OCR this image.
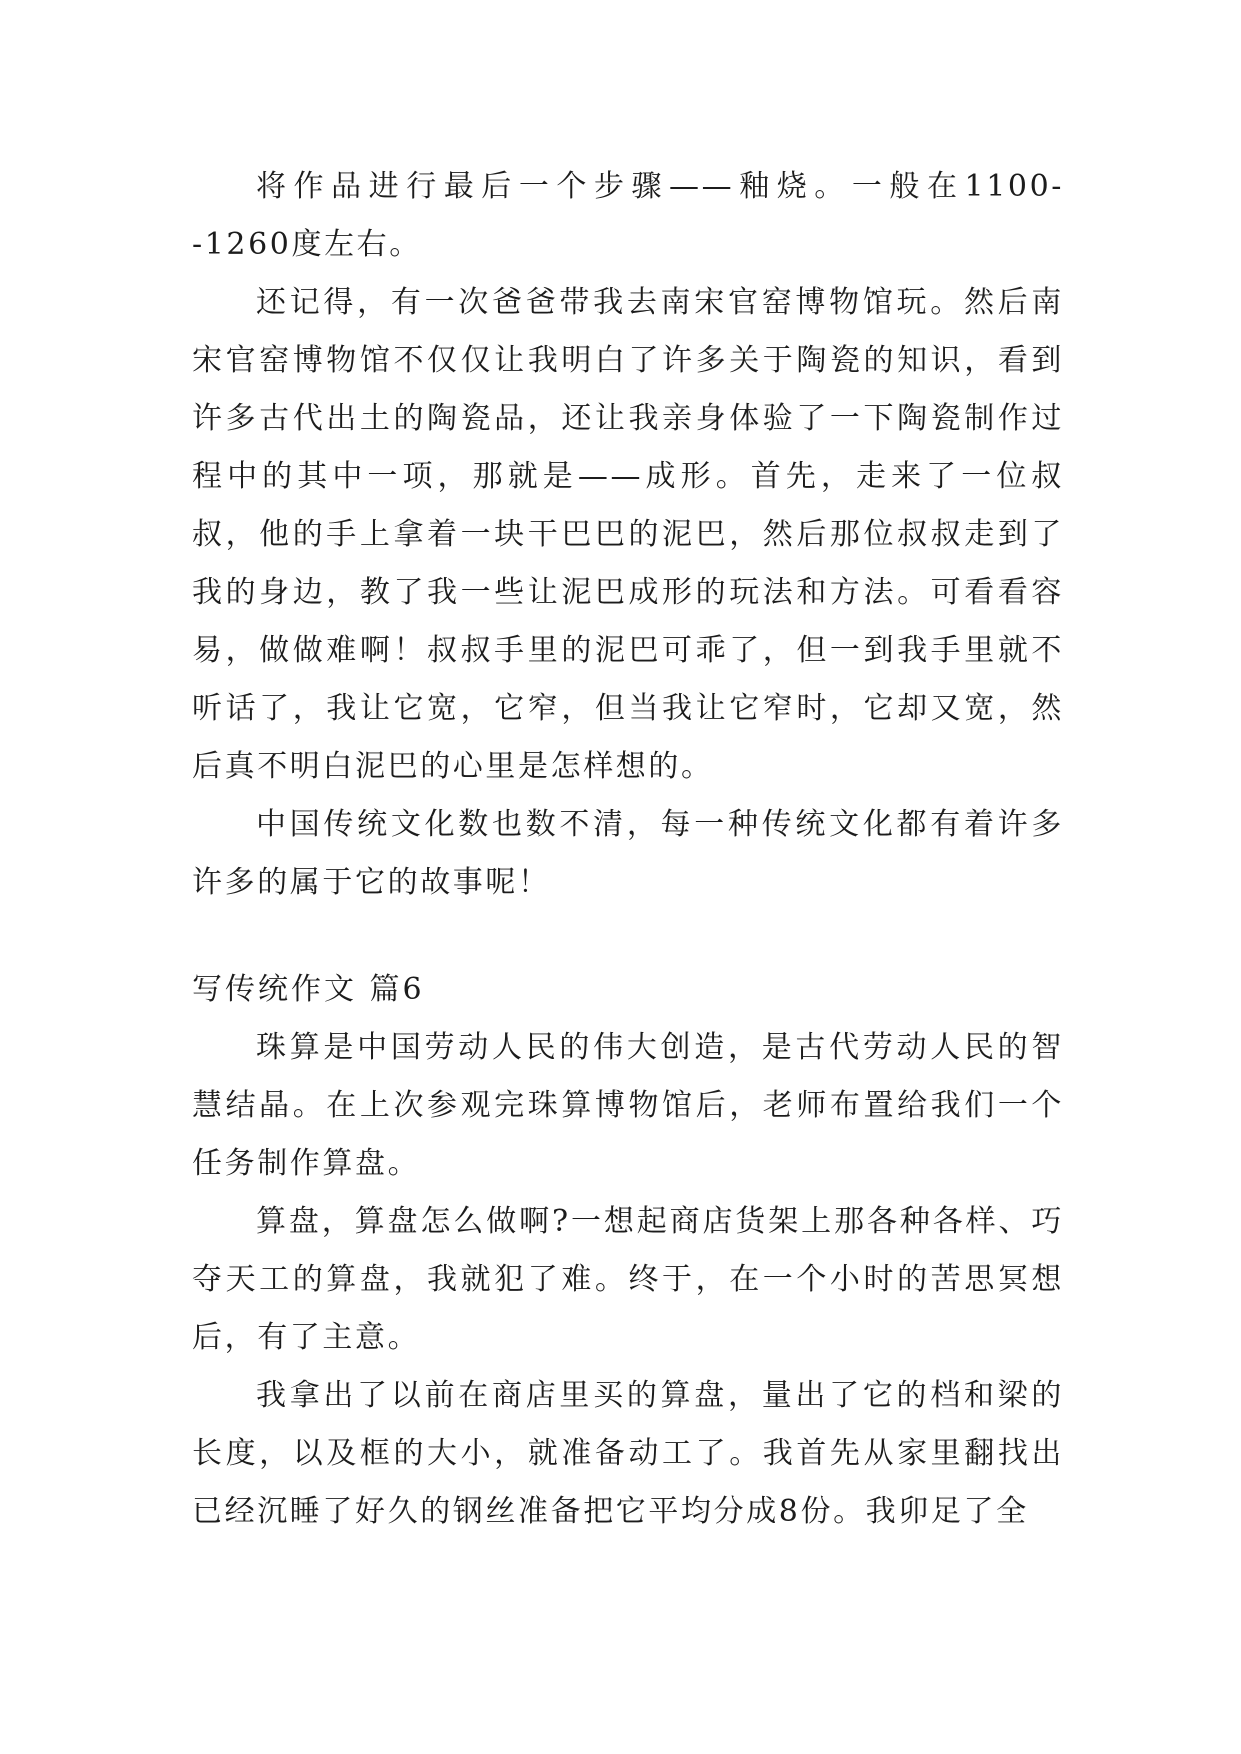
将作品进行最后一个步骤——釉烧。一般在1100--1260度左右。

还记得，有一次爸爸带我去南宋官窑博物馆玩。然后南宋官窑博物馆不仅仅让我明白了许多关于陶瓷的知识，看到许多古代出土的陶瓷品，还让我亲身体验了一下陶瓷制作过程中的其中一项，那就是——成形。首先，走来了一位叔叔，他的手上拿着一块干巴巴的泥巴，然后那位叔叔走到了我的身边，教了我一些让泥巴成形的玩法和方法。可看看容易，做做难啊！叔叔手里的泥巴可乖了，但一到我手里就不听话了，我让它宽，它窄，但当我让它窄时，它却又宽，然后真不明白泥巴的心里是怎样想的。

中国传统文化数也数不清，每一种传统文化都有着许多许多的属于它的故事呢！

写传统作文 篇6

珠算是中国劳动人民的伟大创造，是古代劳动人民的智慧结晶。在上次参观完珠算博物馆后，老师布置给我们一个任务制作算盘。

算盘，算盘怎么做啊?一想起商店货架上那各种各样、巧夺天工的算盘，我就犯了难。终于，在一个小时的苦思冥想后，有了主意。

我拿出了以前在商店里买的算盘，量出了它的档和梁的长度，以及框的大小，就准备动工了。我首先从家里翻找出已经沉睡了好久的钢丝准备把它平均分成8份。我卯足了全
